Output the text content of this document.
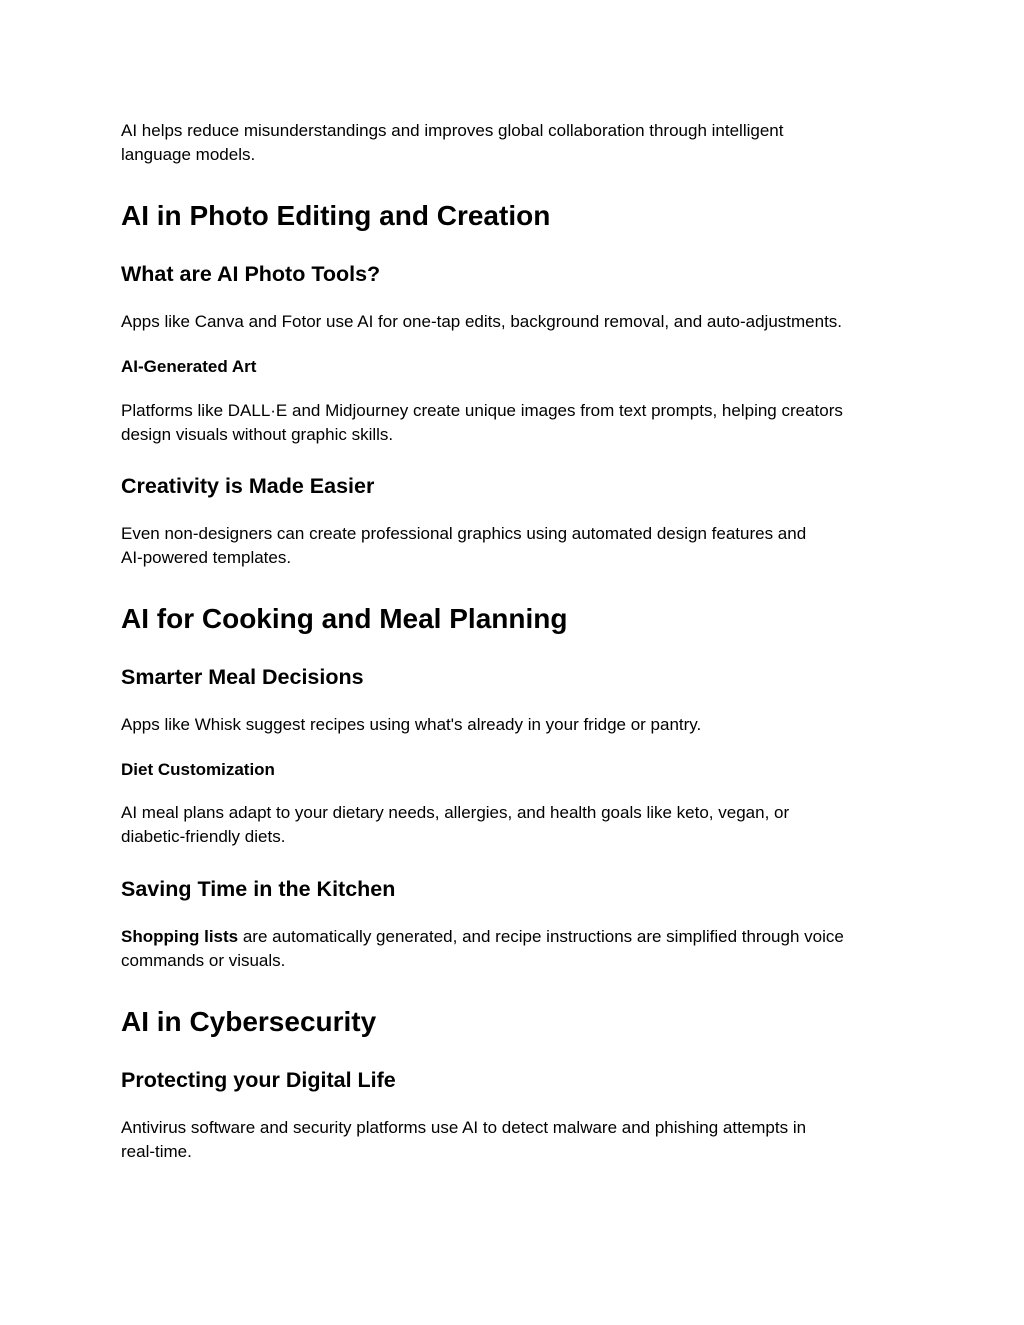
AI helps reduce misunderstandings and improves global collaboration through intelligent
language models.

AI in Photo Editing and Creation
What are AI Photo Tools?

Apps like Canva and Fotor use AI for one-tap edits, background removal, and auto-adjustments.

AI-Generated Art

Platforms like DALL·E and Midjourney create unique images from text prompts, helping creators
design visuals without graphic skills.

Creativity is Made Easier

Even non-designers can create professional graphics using automated design features and
AI-powered templates.

AI for Cooking and Meal Planning
Smarter Meal Decisions

Apps like Whisk suggest recipes using what's already in your fridge or pantry.

Diet Customization

AI meal plans adapt to your dietary needs, allergies, and health goals like keto, vegan, or
diabetic-friendly diets.

Saving Time in the Kitchen

Shopping lists are automatically generated, and recipe instructions are simplified through voice
commands or visuals.

AI in Cybersecurity
Protecting your Digital Life

Antivirus software and security platforms use AI to detect malware and phishing attempts in
real-time.
